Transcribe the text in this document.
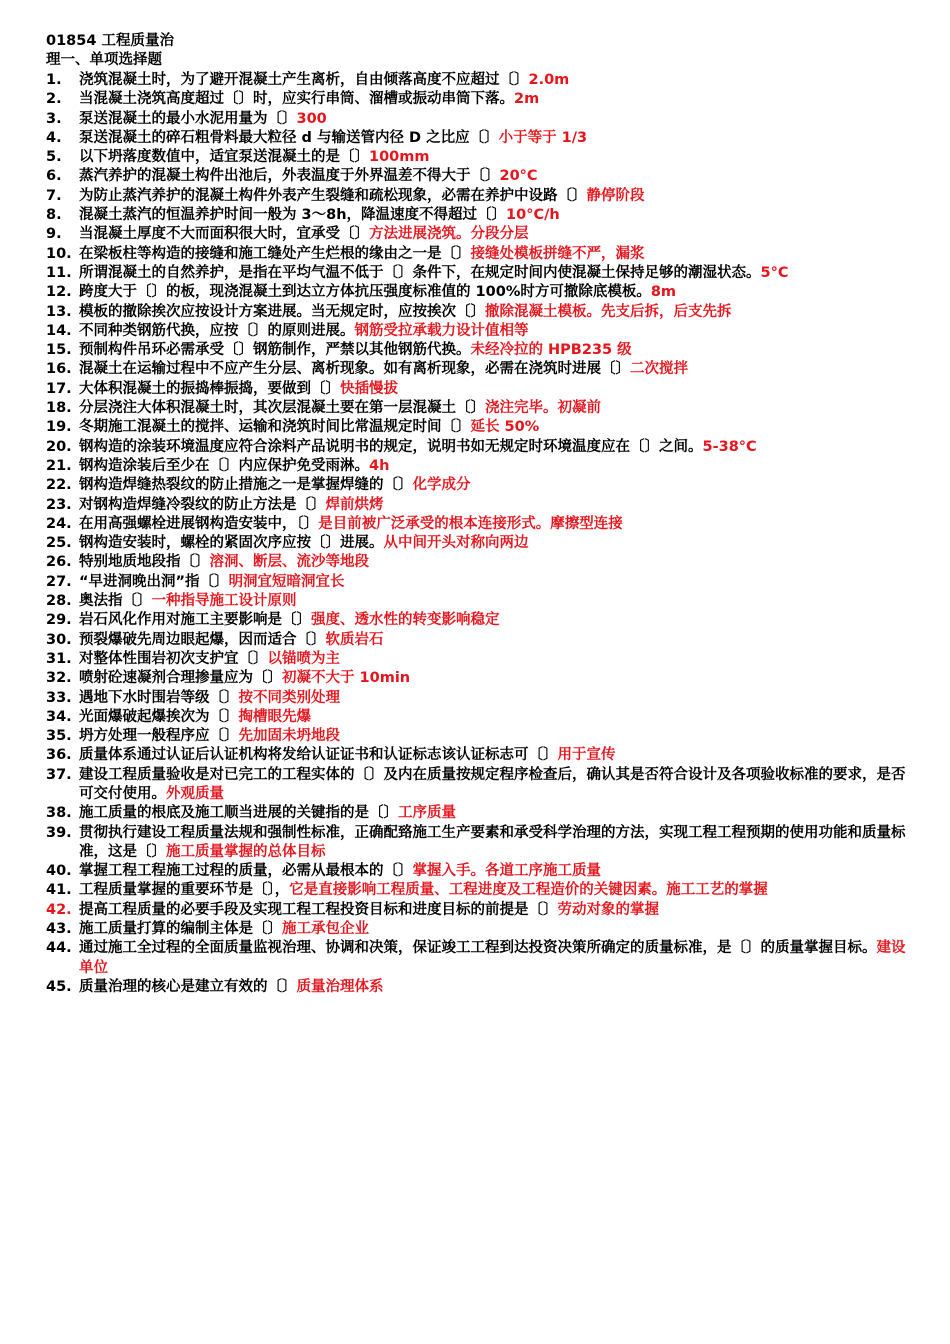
01854 工程质量治
理一、单项选择题
1.	浇筑混凝土时，为了避开混凝土产生离析，自由倾落高度不应超过〔〕2.0m
2.	当混凝土浇筑高度超过〔〕时，应实行串筒、溜槽或振动串筒下落。2m
3.	泵送混凝土的最小水泥用量为〔〕300
4.	泵送混凝土的碎石粗骨料最大粒径 d 与输送管内径 D 之比应〔〕小于等于 1/3
5.	以下坍落度数值中，适宜泵送混凝土的是〔〕100mm
6.	蒸汽养护的混凝土构件出池后，外表温度于外界温差不得大于〔〕20°C
7.	为防止蒸汽养护的混凝土构件外表产生裂缝和疏松现象，必需在养护中设路〔〕静停阶段
8.	混凝土蒸汽的恒温养护时间一般为 3～8h，降温速度不得超过〔〕10°C/h
9.	当混凝土厚度不大而面积很大时，宜承受〔〕方法进展浇筑。分段分层
10. 在梁板柱等构造的接缝和施工缝处产生烂根的缘由之一是〔〕接缝处模板拼缝不严，漏浆
11. 所谓混凝土的自然养护，是指在平均气温不低于〔〕条件下，在规定时间内使混凝土保持足够的潮湿状态。5°C
12. 跨度大于〔〕的板，现浇混凝土到达立方体抗压强度标准值的 100%时方可撤除底模板。8m
13. 模板的撤除挨次应按设计方案进展。当无规定时，应按挨次〔〕撤除混凝土模板。先支后拆，后支先拆
14. 不同种类钢筋代换，应按〔〕的原则进展。钢筋受拉承载力设计值相等
15. 预制构件吊环必需承受〔〕钢筋制作，严禁以其他钢筋代换。未经冷拉的 HPB235 级
16. 混凝土在运输过程中不应产生分层、离析现象。如有离析现象，必需在浇筑时进展〔〕二次搅拌
17. 大体积混凝土的振捣棒振捣，要做到〔〕快插慢拔
18. 分层浇注大体积混凝土时，其次层混凝土要在第一层混凝土〔〕浇注完毕。初凝前
19. 冬期施工混凝土的搅拌、运输和浇筑时间比常温规定时间〔〕延长 50%
20. 钢构造的涂装环境温度应符合涂料产品说明书的规定，说明书如无规定时环境温度应在〔〕之间。5-38°C
21. 钢构造涂装后至少在〔〕内应保护免受雨淋。4h
22. 钢构造焊缝热裂纹的防止措施之一是掌握焊缝的〔〕化学成分
23. 对钢构造焊缝冷裂纹的防止方法是〔〕焊前烘烤
24. 在用高强螺栓进展钢构造安装中，〔〕是目前被广泛承受的根本连接形式。摩擦型连接
25. 钢构造安装时，螺栓的紧固次序应按〔〕进展。从中间开头对称向两边
26. 特别地质地段指〔〕溶洞、断层、流沙等地段
27. “早进洞晚出洞”指〔〕明洞宜短暗洞宜长
28. 奥法指〔〕一种指导施工设计原则
29. 岩石风化作用对施工主要影响是〔〕强度、透水性的转变影响稳定
30. 预裂爆破先周边眼起爆，因而适合〔〕软质岩石
31. 对整体性围岩初次支护宜〔〕以锚喷为主
32. 喷射砼速凝剂合理掺量应为〔〕初凝不大于 10min
33. 遇地下水时围岩等级〔〕按不同类别处理
34. 光面爆破起爆挨次为〔〕掏槽眼先爆
35. 坍方处理一般程序应〔〕先加固未坍地段
36. 质量体系通过认证后认证机构将发给认证证书和认证标志该认证标志可〔〕用于宣传
37. 建设工程质量验收是对已完工的工程实体的〔〕及内在质量按规定程序检查后，确认其是否符合设计及各项验收标准的要求，是否可交付使用。外观质量
38. 施工质量的根底及施工顺当进展的关键指的是〔〕工序质量
39. 贯彻执行建设工程质量法规和强制性标准，正确配臵施工生产要素和承受科学治理的方法，实现工程工程预期的使用功能和质量标准，这是〔〕施工质量掌握的总体目标
40. 掌握工程工程施工过程的质量，必需从最根本的〔〕掌握入手。各道工序施工质量
41. 工程质量掌握的重要环节是〔〕，它是直接影响工程质量、工程进度及工程造价的关键因素。施工工艺的掌握
42. 提高工程质量的必要手段及实现工程工程投资目标和进度目标的前提是〔〕劳动对象的掌握
43. 施工质量打算的编制主体是〔〕施工承包企业
44. 通过施工全过程的全面质量监视治理、协调和决策，保证竣工工程到达投资决策所确定的质量标准，是〔〕的质量掌握目标。建设单位
45. 质量治理的核心是建立有效的〔〕质量治理体系
